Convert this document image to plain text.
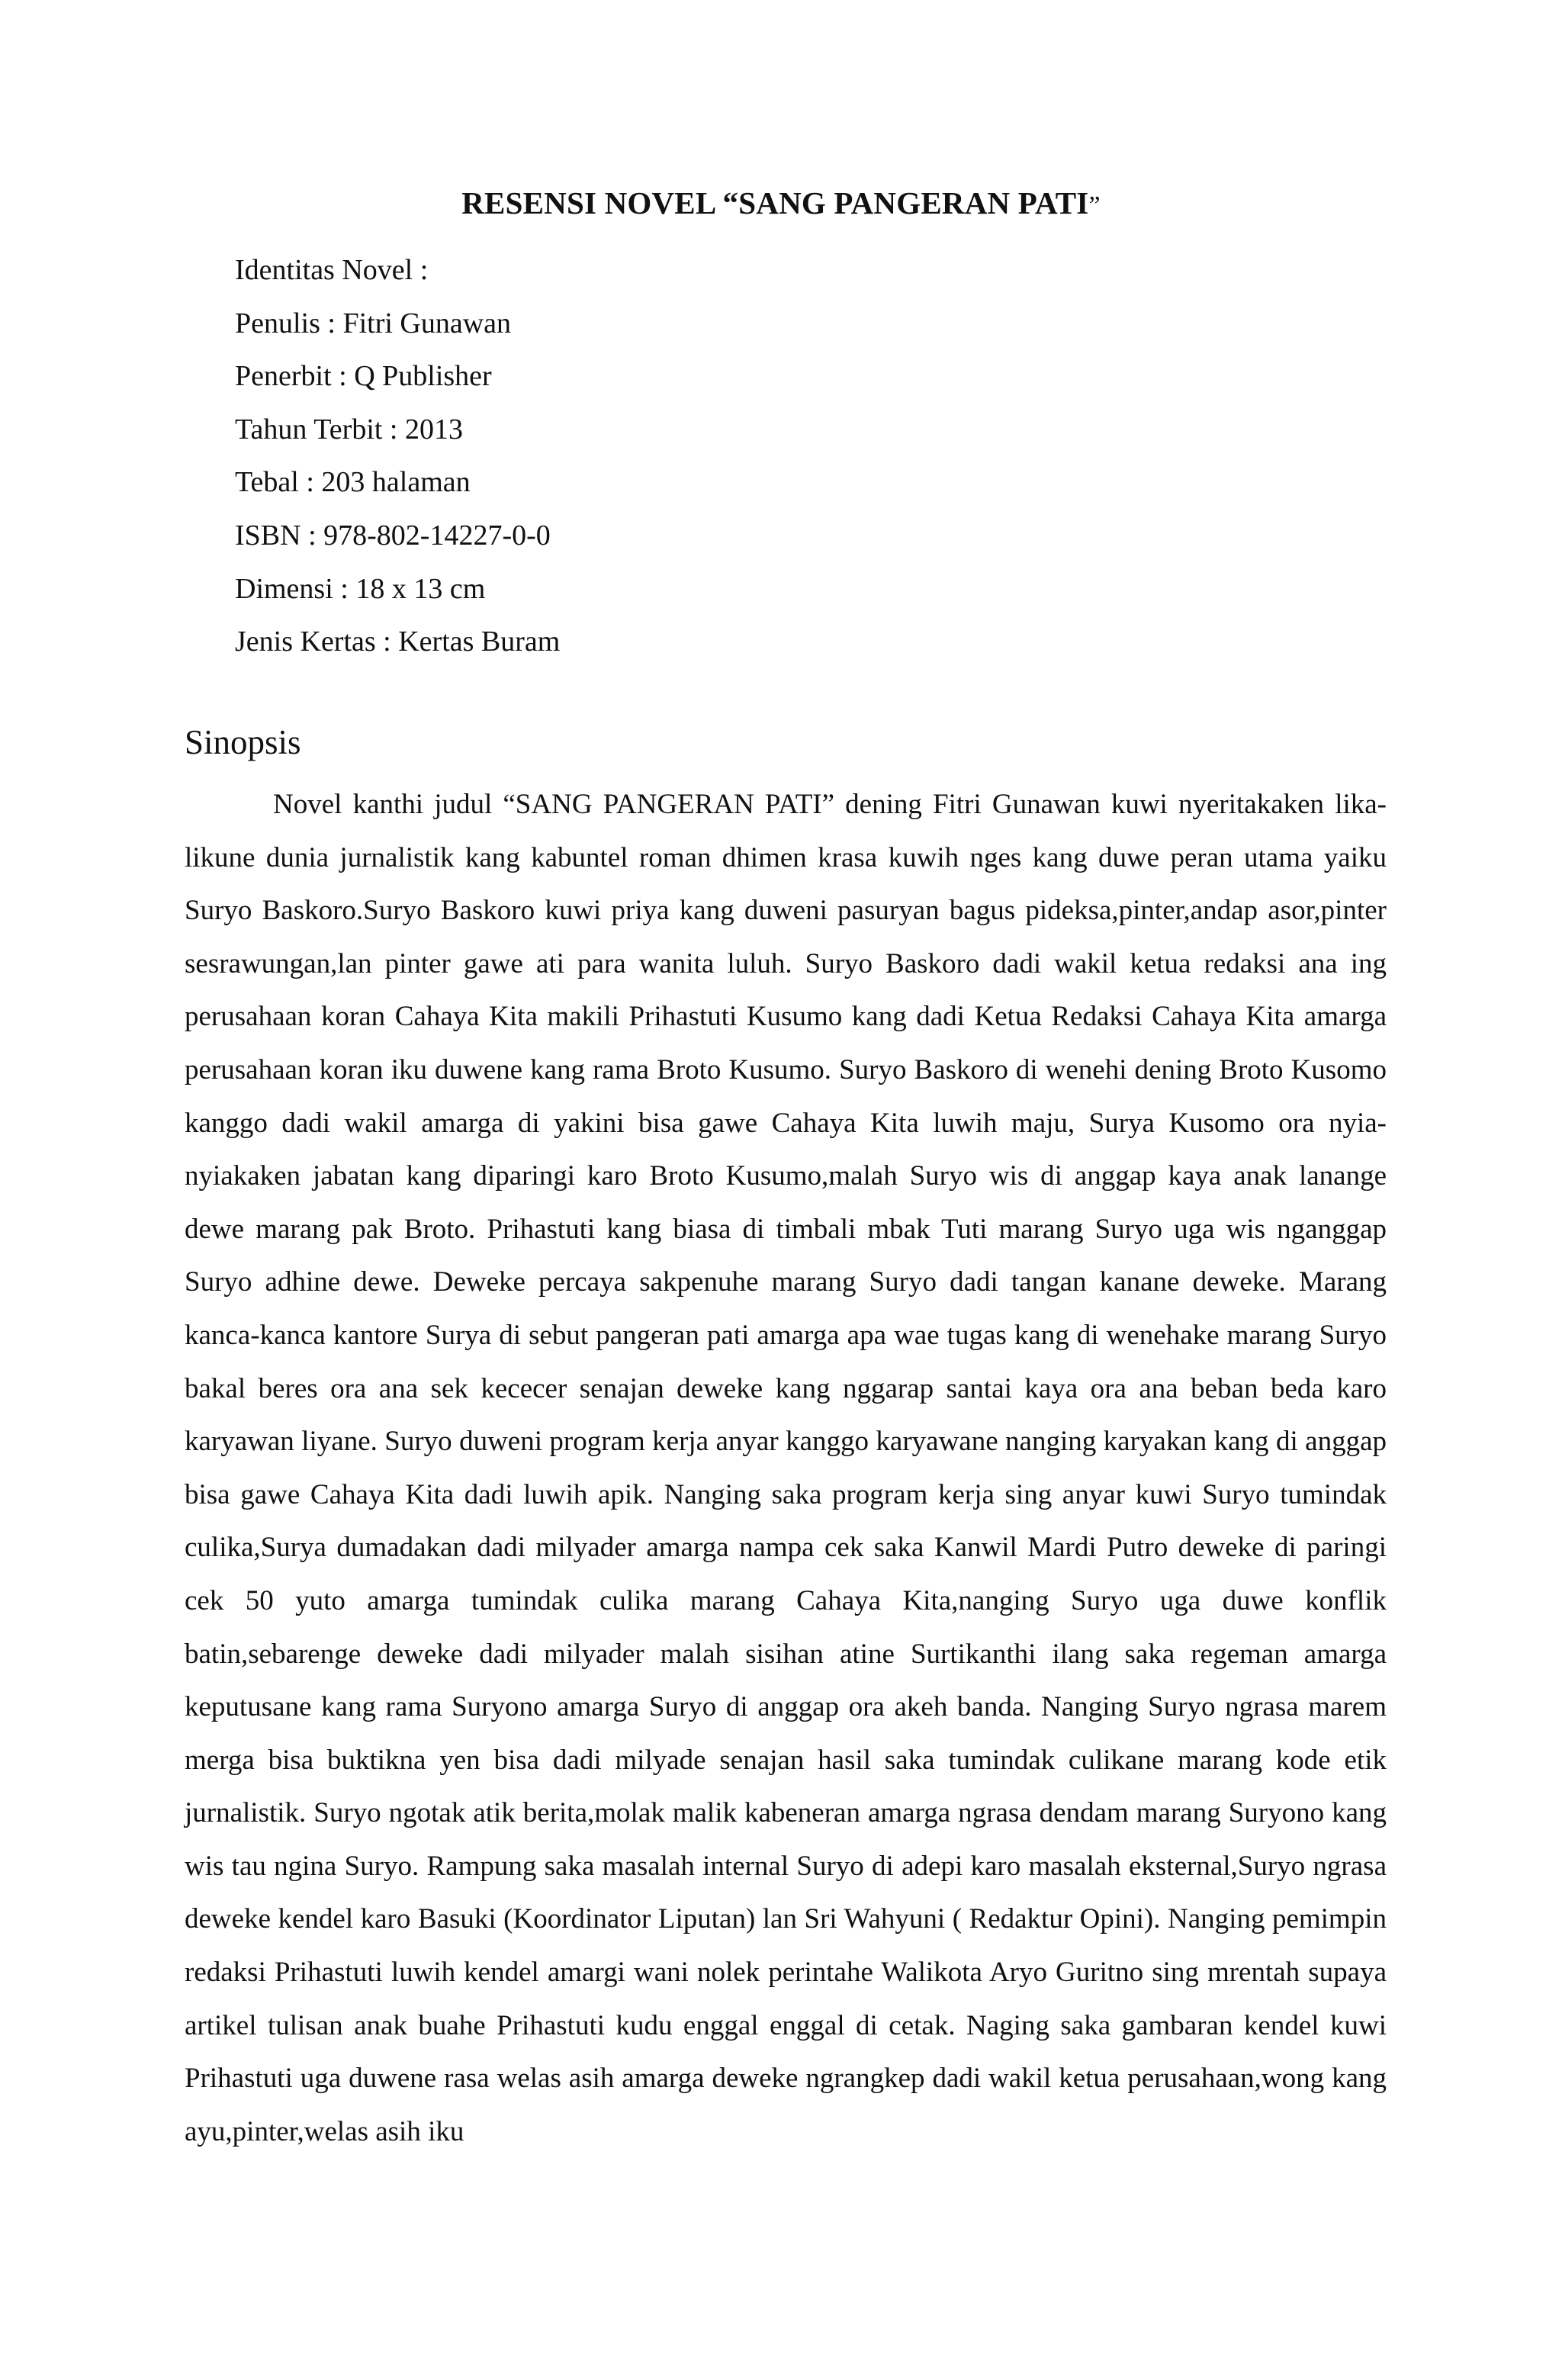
RESENSI NOVEL “SANG PANGERAN PATI”
Identitas Novel :
Penulis : Fitri Gunawan
Penerbit : Q Publisher
Tahun Terbit : 2013
Tebal : 203 halaman
ISBN : 978-802-14227-0-0
Dimensi : 18 x 13 cm
Jenis Kertas : Kertas Buram
Sinopsis

Novel kanthi judul “SANG PANGERAN PATI” dening Fitri Gunawan kuwi nyeritakaken lika-likune dunia jurnalistik kang kabuntel roman dhimen krasa kuwih nges kang duwe peran utama yaiku Suryo Baskoro.Suryo Baskoro kuwi priya kang duweni pasuryan bagus pideksa,pinter,andap asor,pinter sesrawungan,lan pinter gawe ati para wanita luluh. Suryo Baskoro dadi wakil ketua redaksi ana ing perusahaan koran Cahaya Kita makili Prihastuti Kusumo kang dadi Ketua Redaksi Cahaya Kita amarga perusahaan koran iku duwene kang rama Broto Kusumo. Suryo Baskoro di wenehi dening Broto Kusomo kanggo dadi wakil amarga di yakini bisa gawe Cahaya Kita luwih maju, Surya Kusomo ora nyia-nyiakaken jabatan kang diparingi karo Broto Kusumo,malah Suryo wis di anggap kaya anak lanange dewe marang pak Broto. Prihastuti kang biasa di timbali mbak Tuti marang Suryo uga wis nganggap Suryo adhine dewe. Deweke percaya sakpenuhe marang Suryo dadi tangan kanane deweke. Marang kanca-kanca kantore Surya di sebut pangeran pati amarga apa wae tugas kang di wenehake marang Suryo bakal beres ora ana sek kececer senajan deweke kang nggarap santai kaya ora ana beban beda karo karyawan liyane. Suryo duweni program kerja anyar kanggo karyawane nanging karyakan kang di anggap bisa gawe Cahaya Kita dadi luwih apik. Nanging saka program kerja sing anyar kuwi Suryo tumindak culika,Surya dumadakan dadi milyader amarga nampa cek saka Kanwil Mardi Putro deweke di paringi cek 50 yuto amarga tumindak culika marang Cahaya Kita,nanging Suryo uga duwe konflik batin,sebarenge deweke dadi milyader malah sisihan atine Surtikanthi ilang saka regeman amarga keputusane kang rama Suryono amarga Suryo di anggap ora akeh banda. Nanging Suryo ngrasa marem merga bisa buktikna yen bisa dadi milyade senajan hasil saka tumindak culikane marang kode etik jurnalistik. Suryo ngotak atik berita,molak malik kabeneran amarga ngrasa dendam marang Suryono kang wis tau ngina Suryo. Rampung saka masalah internal Suryo di adepi karo masalah eksternal,Suryo ngrasa deweke kendel karo Basuki (Koordinator Liputan) lan Sri Wahyuni ( Redaktur Opini). Nanging pemimpin redaksi Prihastuti luwih kendel amargi wani nolek perintahe Walikota Aryo Guritno sing mrentah supaya artikel tulisan anak buahe Prihastuti kudu enggal enggal di cetak. Naging saka gambaran kendel kuwi Prihastuti uga duwene rasa welas asih amarga deweke ngrangkep dadi wakil ketua perusahaan,wong kang ayu,pinter,welas asih iku
